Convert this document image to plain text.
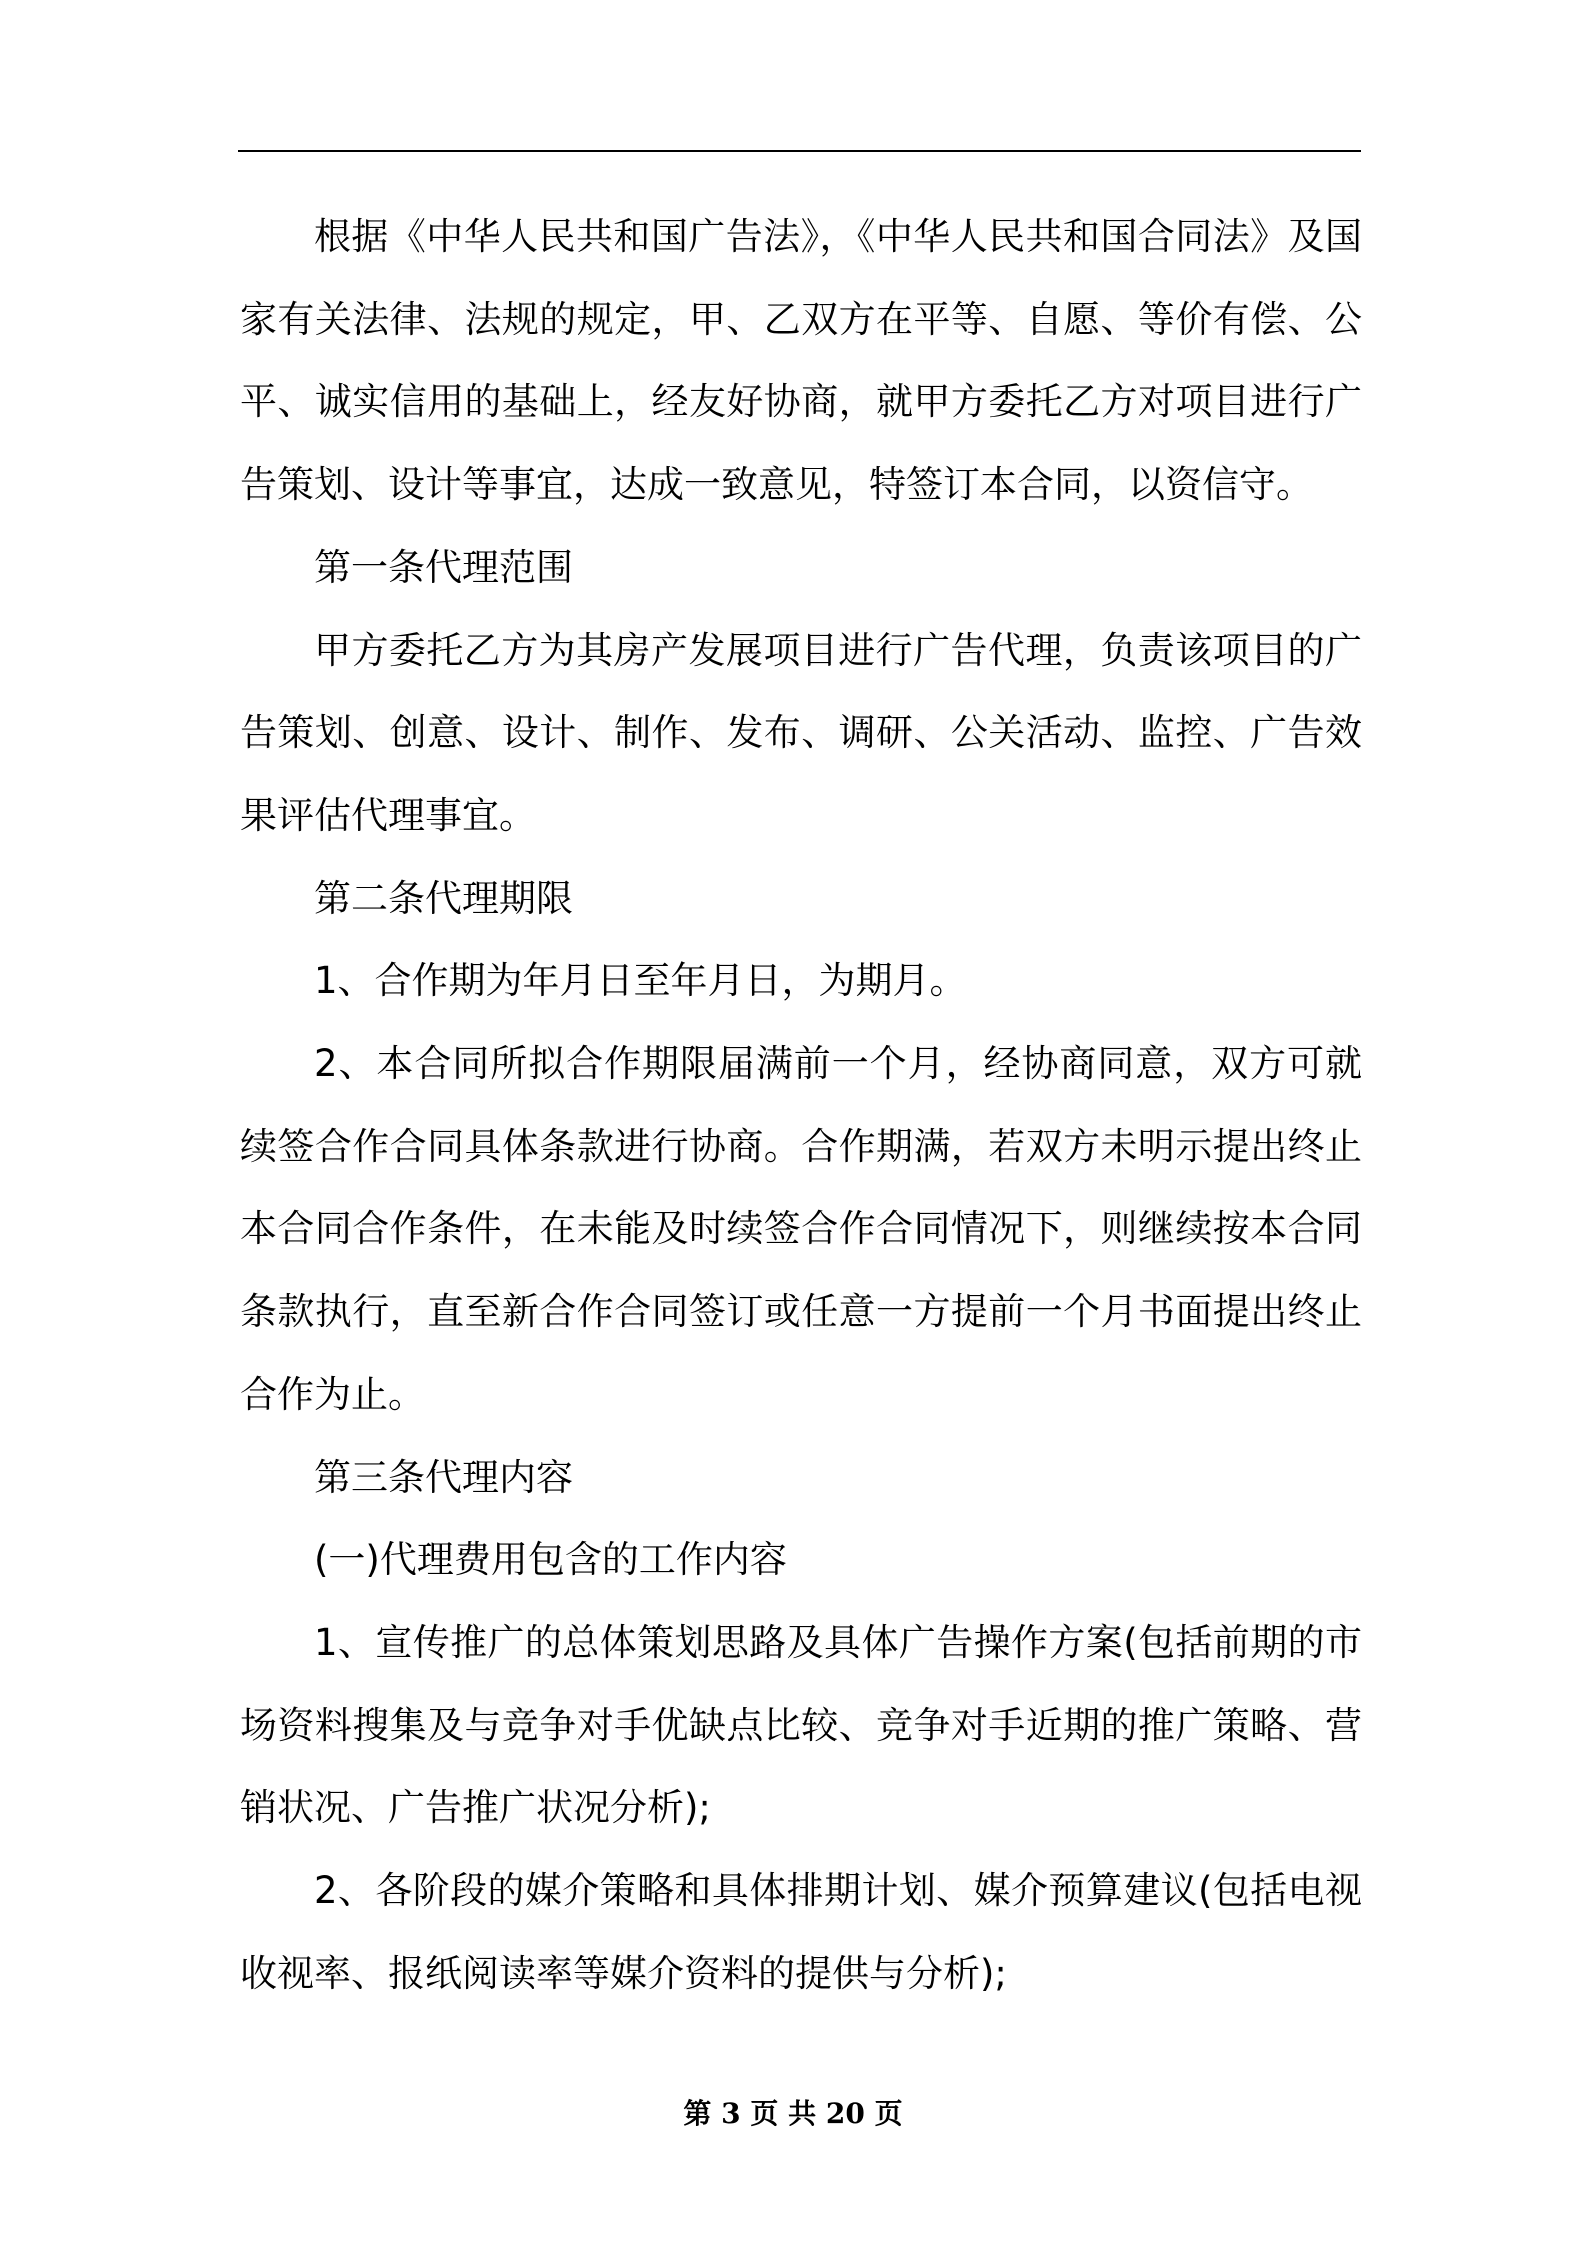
根据《中华人民共和国广告法》，《中华人民共和国合同法》及国家有关法律、法规的规定，甲、乙双方在平等、自愿、等价有偿、公平、诚实信用的基础上，经友好协商，就甲方委托乙方对项目进行广告策划、设计等事宜，达成一致意见，特签订本合同，以资信守。

第一条代理范围

甲方委托乙方为其房产发展项目进行广告代理，负责该项目的广告策划、创意、设计、制作、发布、调研、公关活动、监控、广告效果评估代理事宜。

第二条代理期限

1、合作期为年月日至年月日，为期月。

2、本合同所拟合作期限届满前一个月，经协商同意，双方可就续签合作合同具体条款进行协商。合作期满，若双方未明示提出终止本合同合作条件，在未能及时续签合作合同情况下，则继续按本合同条款执行，直至新合作合同签订或任意一方提前一个月书面提出终止合作为止。

第三条代理内容

(一)代理费用包含的工作内容

1、宣传推广的总体策划思路及具体广告操作方案(包括前期的市场资料搜集及与竞争对手优缺点比较、竞争对手近期的推广策略、营销状况、广告推广状况分析);

2、各阶段的媒介策略和具体排期计划、媒介预算建议(包括电视收视率、报纸阅读率等媒介资料的提供与分析);

第 3 页 共 20 页
